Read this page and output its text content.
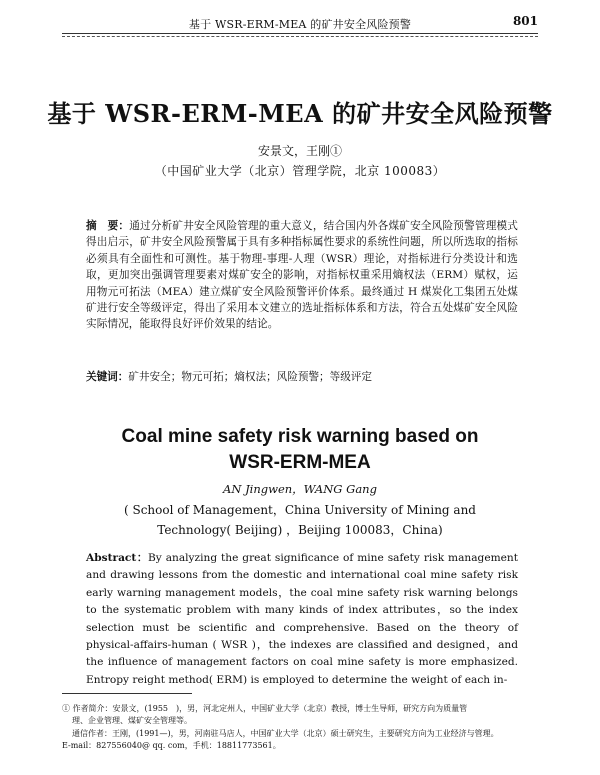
基于 WSR-ERM-MEA 的矿井安全风险预警	801
基于 WSR-ERM-MEA 的矿井安全风险预警
安景文，王刚①
（中国矿业大学（北京）管理学院，北京 100083）
摘　要：通过分析矿井安全风险管理的重大意义，结合国内外各煤矿安全风险预警管理模式得出启示，矿井安全风险预警属于具有多种指标属性要求的系统性问题，所以所选取的指标必须具有全面性和可测性。基于物理-事理-人理（WSR）理论，对指标进行分类设计和选取，更加突出强调管理要素对煤矿安全的影响，对指标权重采用熵权法（ERM）赋权，运用物元可拓法（MEA）建立煤矿安全风险预警评价体系。最终通过 H 煤炭化工集团五处煤矿进行安全等级评定，得出了采用本文建立的选址指标体系和方法，符合五处煤矿安全风险实际情况，能取得良好评价效果的结论。
关键词：矿井安全；物元可拓；熵权法；风险预警；等级评定
Coal mine safety risk warning based on
WSR-ERM-MEA
AN Jingwen，WANG Gang
( School of Management，China University of Mining and
Technology( Beijing) ，Beijing 100083，China)
Abstract：By analyzing the great significance of mine safety risk management and drawing lessons from the domestic and international coal mine safety risk early warning management models，the coal mine safety risk warning belongs to the systematic problem with many kinds of index attributes，so the index selection must be scientific and comprehensive. Based on the theory of physical-affairs-human ( WSR )，the indexes are classified and designed，and the influence of management factors on coal mine safety is more emphasized. Entropy reight method( ERM) is employed to determine the weight of each in-

① 作者简介：安景文，(1955　)，男，河北定州人，中国矿业大学（北京）教授，博士生导师，研究方向为质量管

理、企业管理、煤矿安全管理等。

通信作者：王刚，(1991—)，男，河南驻马店人，中国矿业大学（北京）硕士研究生，主要研究方向为工业经济与管理。

E-mail：827556040@ qq. com，手机：18811773561。
